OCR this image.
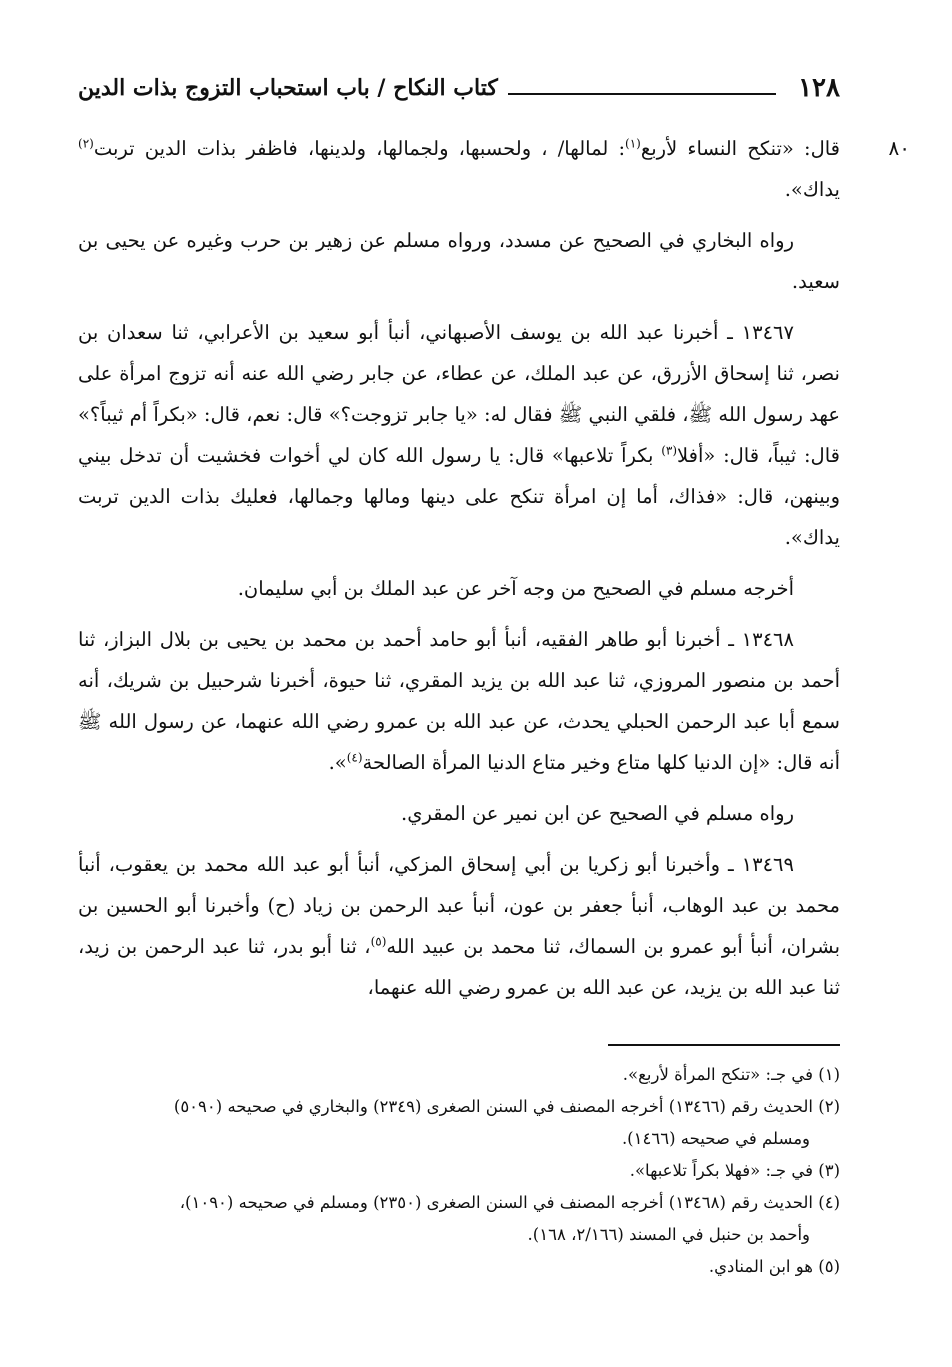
١٢٨
كتاب النكاح / باب استحباب التزوج بذات الدين

٨٠
قال: «تنكح النساء لأربع$^{(١)}$: لمالها/ ، ولحسبها، ولجمالها، ولدينها، فاظفر بذات الدين تربت$^{(٢)}$ يداك».

رواه البخاري في الصحيح عن مسدد، ورواه مسلم عن زهير بن حرب وغيره عن يحيى بن سعيد.

١٣٤٦٧ ـ أخبرنا عبد الله بن يوسف الأصبهاني، أنبأ أبو سعيد بن الأعرابي، ثنا سعدان بن نصر، ثنا إسحاق الأزرق، عن عبد الملك، عن عطاء، عن جابر رضي الله عنه أنه تزوج امرأة على عهد رسول الله ﷺ، فلقي النبي ﷺ فقال له: «يا جابر تزوجت؟» قال: نعم، قال: «بكراً أم ثيباً؟» قال: ثيباً، قال: «أفلا$^{(٣)}$ بكراً تلاعبها» قال: يا رسول الله كان لي أخوات فخشيت أن تدخل بيني وبينهن، قال: «فذاك، أما إن امرأة تنكح على دينها ومالها وجمالها، فعليك بذات الدين تربت يداك».

أخرجه مسلم في الصحيح من وجه آخر عن عبد الملك بن أبي سليمان.

١٣٤٦٨ ـ أخبرنا أبو طاهر الفقيه، أنبأ أبو حامد أحمد بن محمد بن يحيى بن بلال البزاز، ثنا أحمد بن منصور المروزي، ثنا عبد الله بن يزيد المقري، ثنا حيوة، أخبرنا شرحبيل بن شريك، أنه سمع أبا عبد الرحمن الحبلي يحدث، عن عبد الله بن عمرو رضي الله عنهما، عن رسول الله ﷺ أنه قال: «إن الدنيا كلها متاع وخير متاع الدنيا المرأة الصالحة$^{(٤)}$».

رواه مسلم في الصحيح عن ابن نمير عن المقري.

١٣٤٦٩ ـ وأخبرنا أبو زكريا بن أبي إسحاق المزكي، أنبأ أبو عبد الله محمد بن يعقوب، أنبأ محمد بن عبد الوهاب، أنبأ جعفر بن عون، أنبأ عبد الرحمن بن زياد (ح) وأخبرنا أبو الحسين بن بشران، أنبأ أبو عمرو بن السماك، ثنا محمد بن عبيد الله$^{(٥)}$، ثنا أبو بدر، ثنا عبد الرحمن بن زيد، ثنا عبد الله بن يزيد، عن عبد الله بن عمرو رضي الله عنهما،

(١) في جـ: «تنكح المرأة لأربع».
(٢) الحديث رقم (١٣٤٦٦) أخرجه المصنف في السنن الصغرى (٢٣٤٩) والبخاري في صحيحه (٥٠٩٠)
ومسلم في صحيحه (١٤٦٦).
(٣) في جـ: «فهلا بكراً تلاعبها».
(٤) الحديث رقم (١٣٤٦٨) أخرجه المصنف في السنن الصغرى (٢٣٥٠) ومسلم في صحيحه (١٠٩٠)،
وأحمد بن حنبل في المسند (٢/١٦٦، ١٦٨).
(٥) هو ابن المنادي.
